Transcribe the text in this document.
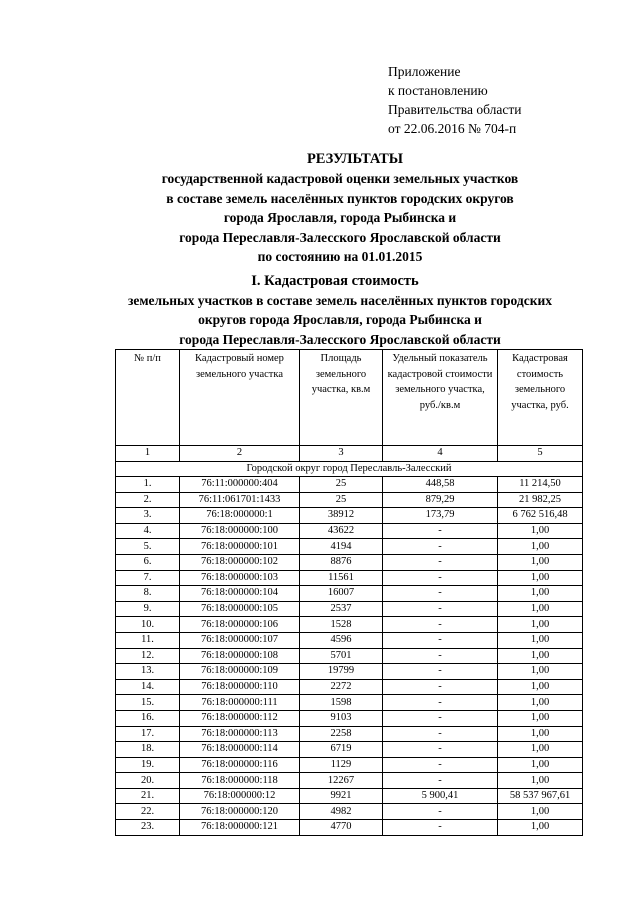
Приложение
к постановлению
Правительства области
от 22.06.2016 № 704-п
РЕЗУЛЬТАТЫ
государственной кадастровой оценки земельных участков
в составе земель населённых пунктов городских округов
города Ярославля, города Рыбинска и
города Переславля-Залесского Ярославской области
по состоянию на 01.01.2015
I. Кадастровая стоимость
земельных участков в составе земель населённых пунктов городских
округов города Ярославля, города Рыбинска и
города Переславля-Залесского Ярославской области
№ п/п	Кадастровый номер земельного участка	Площадь земельного участка, кв.м	Удельный показатель кадастровой стоимости земельного участка, руб./кв.м	Кадастровая стоимость земельного участка, руб.
1	2	3	4	5
Городской округ город Переславль-Залесский				
1.	76:11:000000:404	25	448,58	11 214,50
2.	76:11:061701:1433	25	879,29	21 982,25
3.	76:18:000000:1	38912	173,79	6 762 516,48
4.	76:18:000000:100	43622	-	1,00
5.	76:18:000000:101	4194	-	1,00
6.	76:18:000000:102	8876	-	1,00
7.	76:18:000000:103	11561	-	1,00
8.	76:18:000000:104	16007	-	1,00
9.	76:18:000000:105	2537	-	1,00
10.	76:18:000000:106	1528	-	1,00
11.	76:18:000000:107	4596	-	1,00
12.	76:18:000000:108	5701	-	1,00
13.	76:18:000000:109	19799	-	1,00
14.	76:18:000000:110	2272	-	1,00
15.	76:18:000000:111	1598	-	1,00
16.	76:18:000000:112	9103	-	1,00
17.	76:18:000000:113	2258	-	1,00
18.	76:18:000000:114	6719	-	1,00
19.	76:18:000000:116	1129	-	1,00
20.	76:18:000000:118	12267	-	1,00
21.	76:18:000000:12	9921	5 900,41	58 537 967,61
22.	76:18:000000:120	4982	-	1,00
23.	76:18:000000:121	4770	-	1,00
